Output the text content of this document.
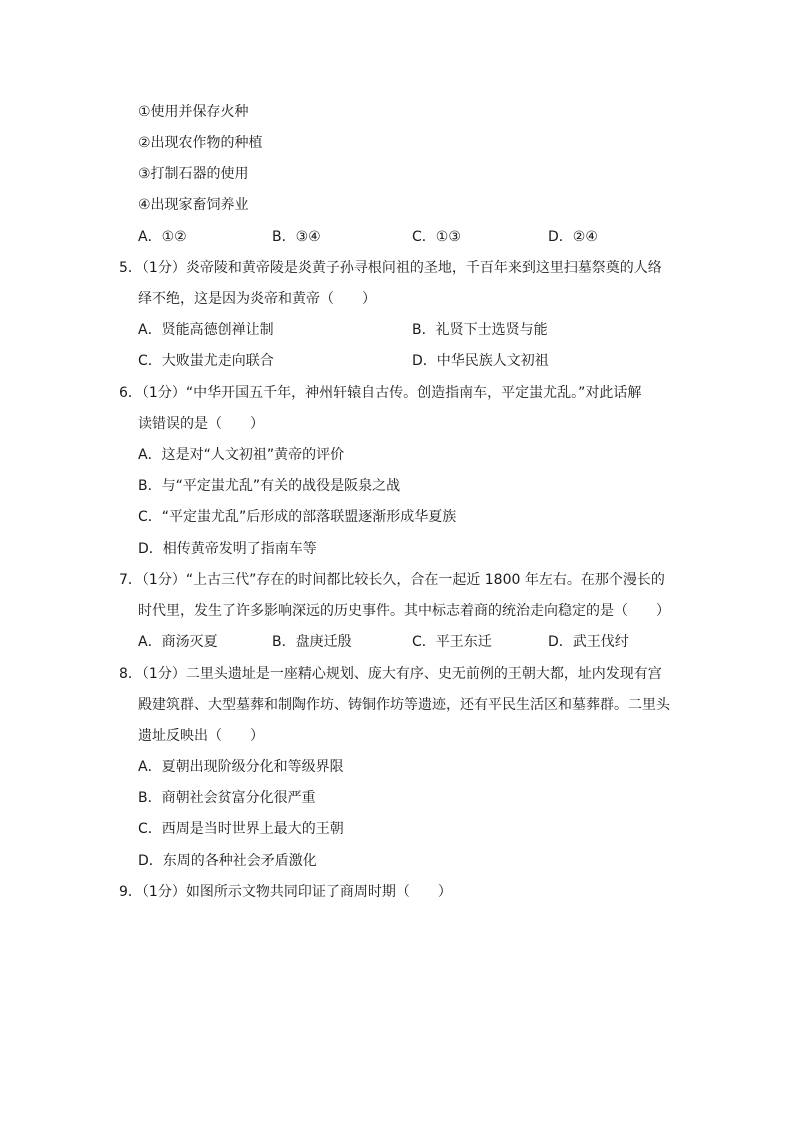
①使用并保存火种
②出现农作物的种植
③打制石器的使用
④出现家畜饲养业
A．①②	B．③④	C．①③	D．②④
5．（1分）炎帝陵和黄帝陵是炎黄子孙寻根问祖的圣地，千百年来到这里扫墓祭奠的人络
绎不绝，这是因为炎帝和黄帝（　　）
A．贤能高德创禅让制	B．礼贤下士选贤与能
C．大败蚩尤走向联合	D．中华民族人文初祖
6．（1分）“中华开国五千年，神州轩辕自古传。创造指南车，平定蚩尤乱。”对此话解
读错误的是（　　）
A．这是对“人文初祖”黄帝的评价
B．与“平定蚩尤乱”有关的战役是阪泉之战
C．“平定蚩尤乱”后形成的部落联盟逐渐形成华夏族
D．相传黄帝发明了指南车等
7．（1分）“上古三代”存在的时间都比较长久，合在一起近 1800 年左右。在那个漫长的
时代里，发生了许多影响深远的历史事件。其中标志着商的统治走向稳定的是（　　）
A．商汤灭夏	B．盘庚迁殷	C．平王东迁	D．武王伐纣
8．（1分）二里头遗址是一座精心规划、庞大有序、史无前例的王朝大都，址内发现有宫
殿建筑群、大型墓葬和制陶作坊、铸铜作坊等遗迹，还有平民生活区和墓葬群。二里头
遗址反映出（　　）
A．夏朝出现阶级分化和等级界限
B．商朝社会贫富分化很严重
C．西周是当时世界上最大的王朝
D．东周的各种社会矛盾激化
9．（1分）如图所示文物共同印证了商周时期（　　）
